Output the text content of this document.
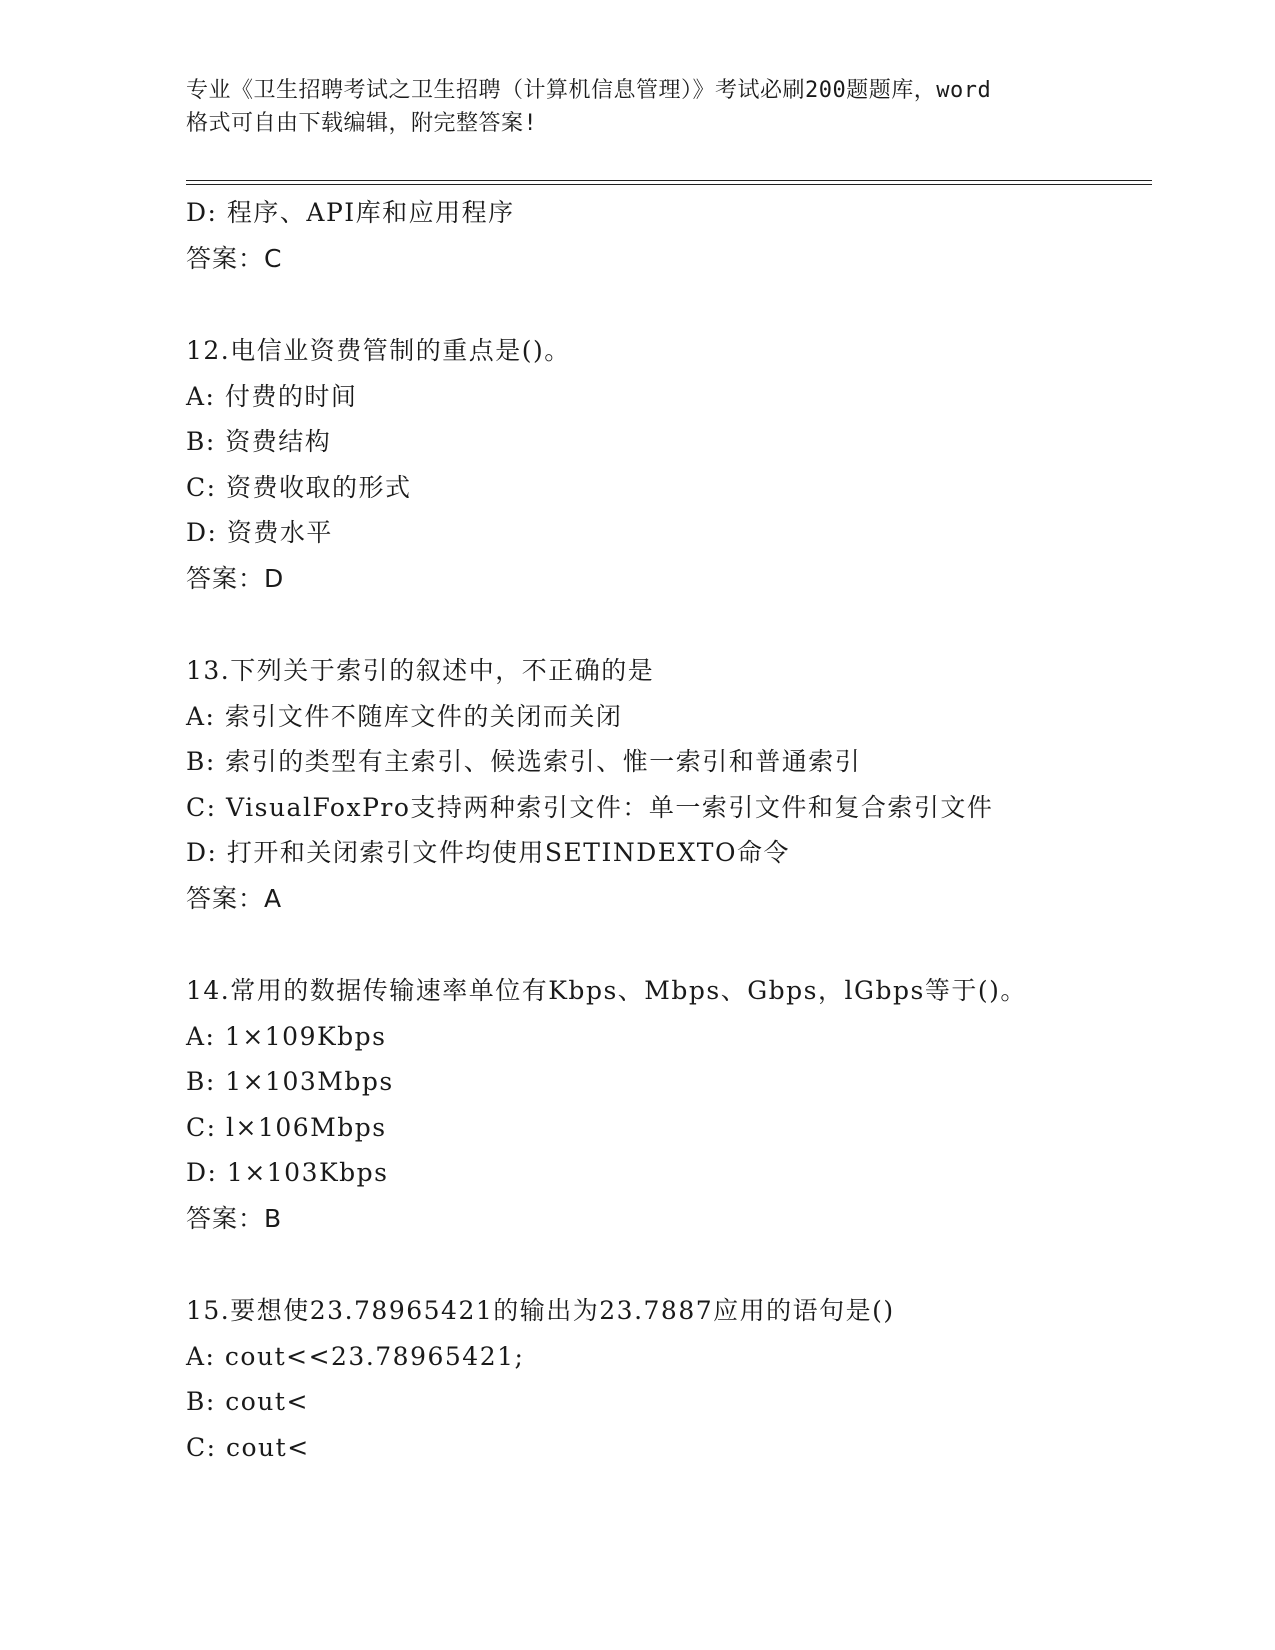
专业《卫生招聘考试之卫生招聘（计算机信息管理）》考试必刷200题题库，word
格式可自由下载编辑，附完整答案!
D: 程序、API库和应用程序
答案：C
12.电信业资费管制的重点是()。
A: 付费的时间
B: 资费结构
C: 资费收取的形式
D: 资费水平
答案：D
13.下列关于索引的叙述中，不正确的是
A: 索引文件不随库文件的关闭而关闭
B: 索引的类型有主索引、候选索引、惟一索引和普通索引
C: VisualFoxPro支持两种索引文件：单一索引文件和复合索引文件
D: 打开和关闭索引文件均使用SETINDEXTO命令
答案：A
14.常用的数据传输速率单位有Kbps、Mbps、Gbps，lGbps等于()。
A: 1×109Kbps
B: 1×103Mbps
C: l×106Mbps
D: 1×103Kbps
答案：B
15.要想使23.78965421的输出为23.7887应用的语句是()
A: cout<<23.78965421;
B: cout<
C: cout<
